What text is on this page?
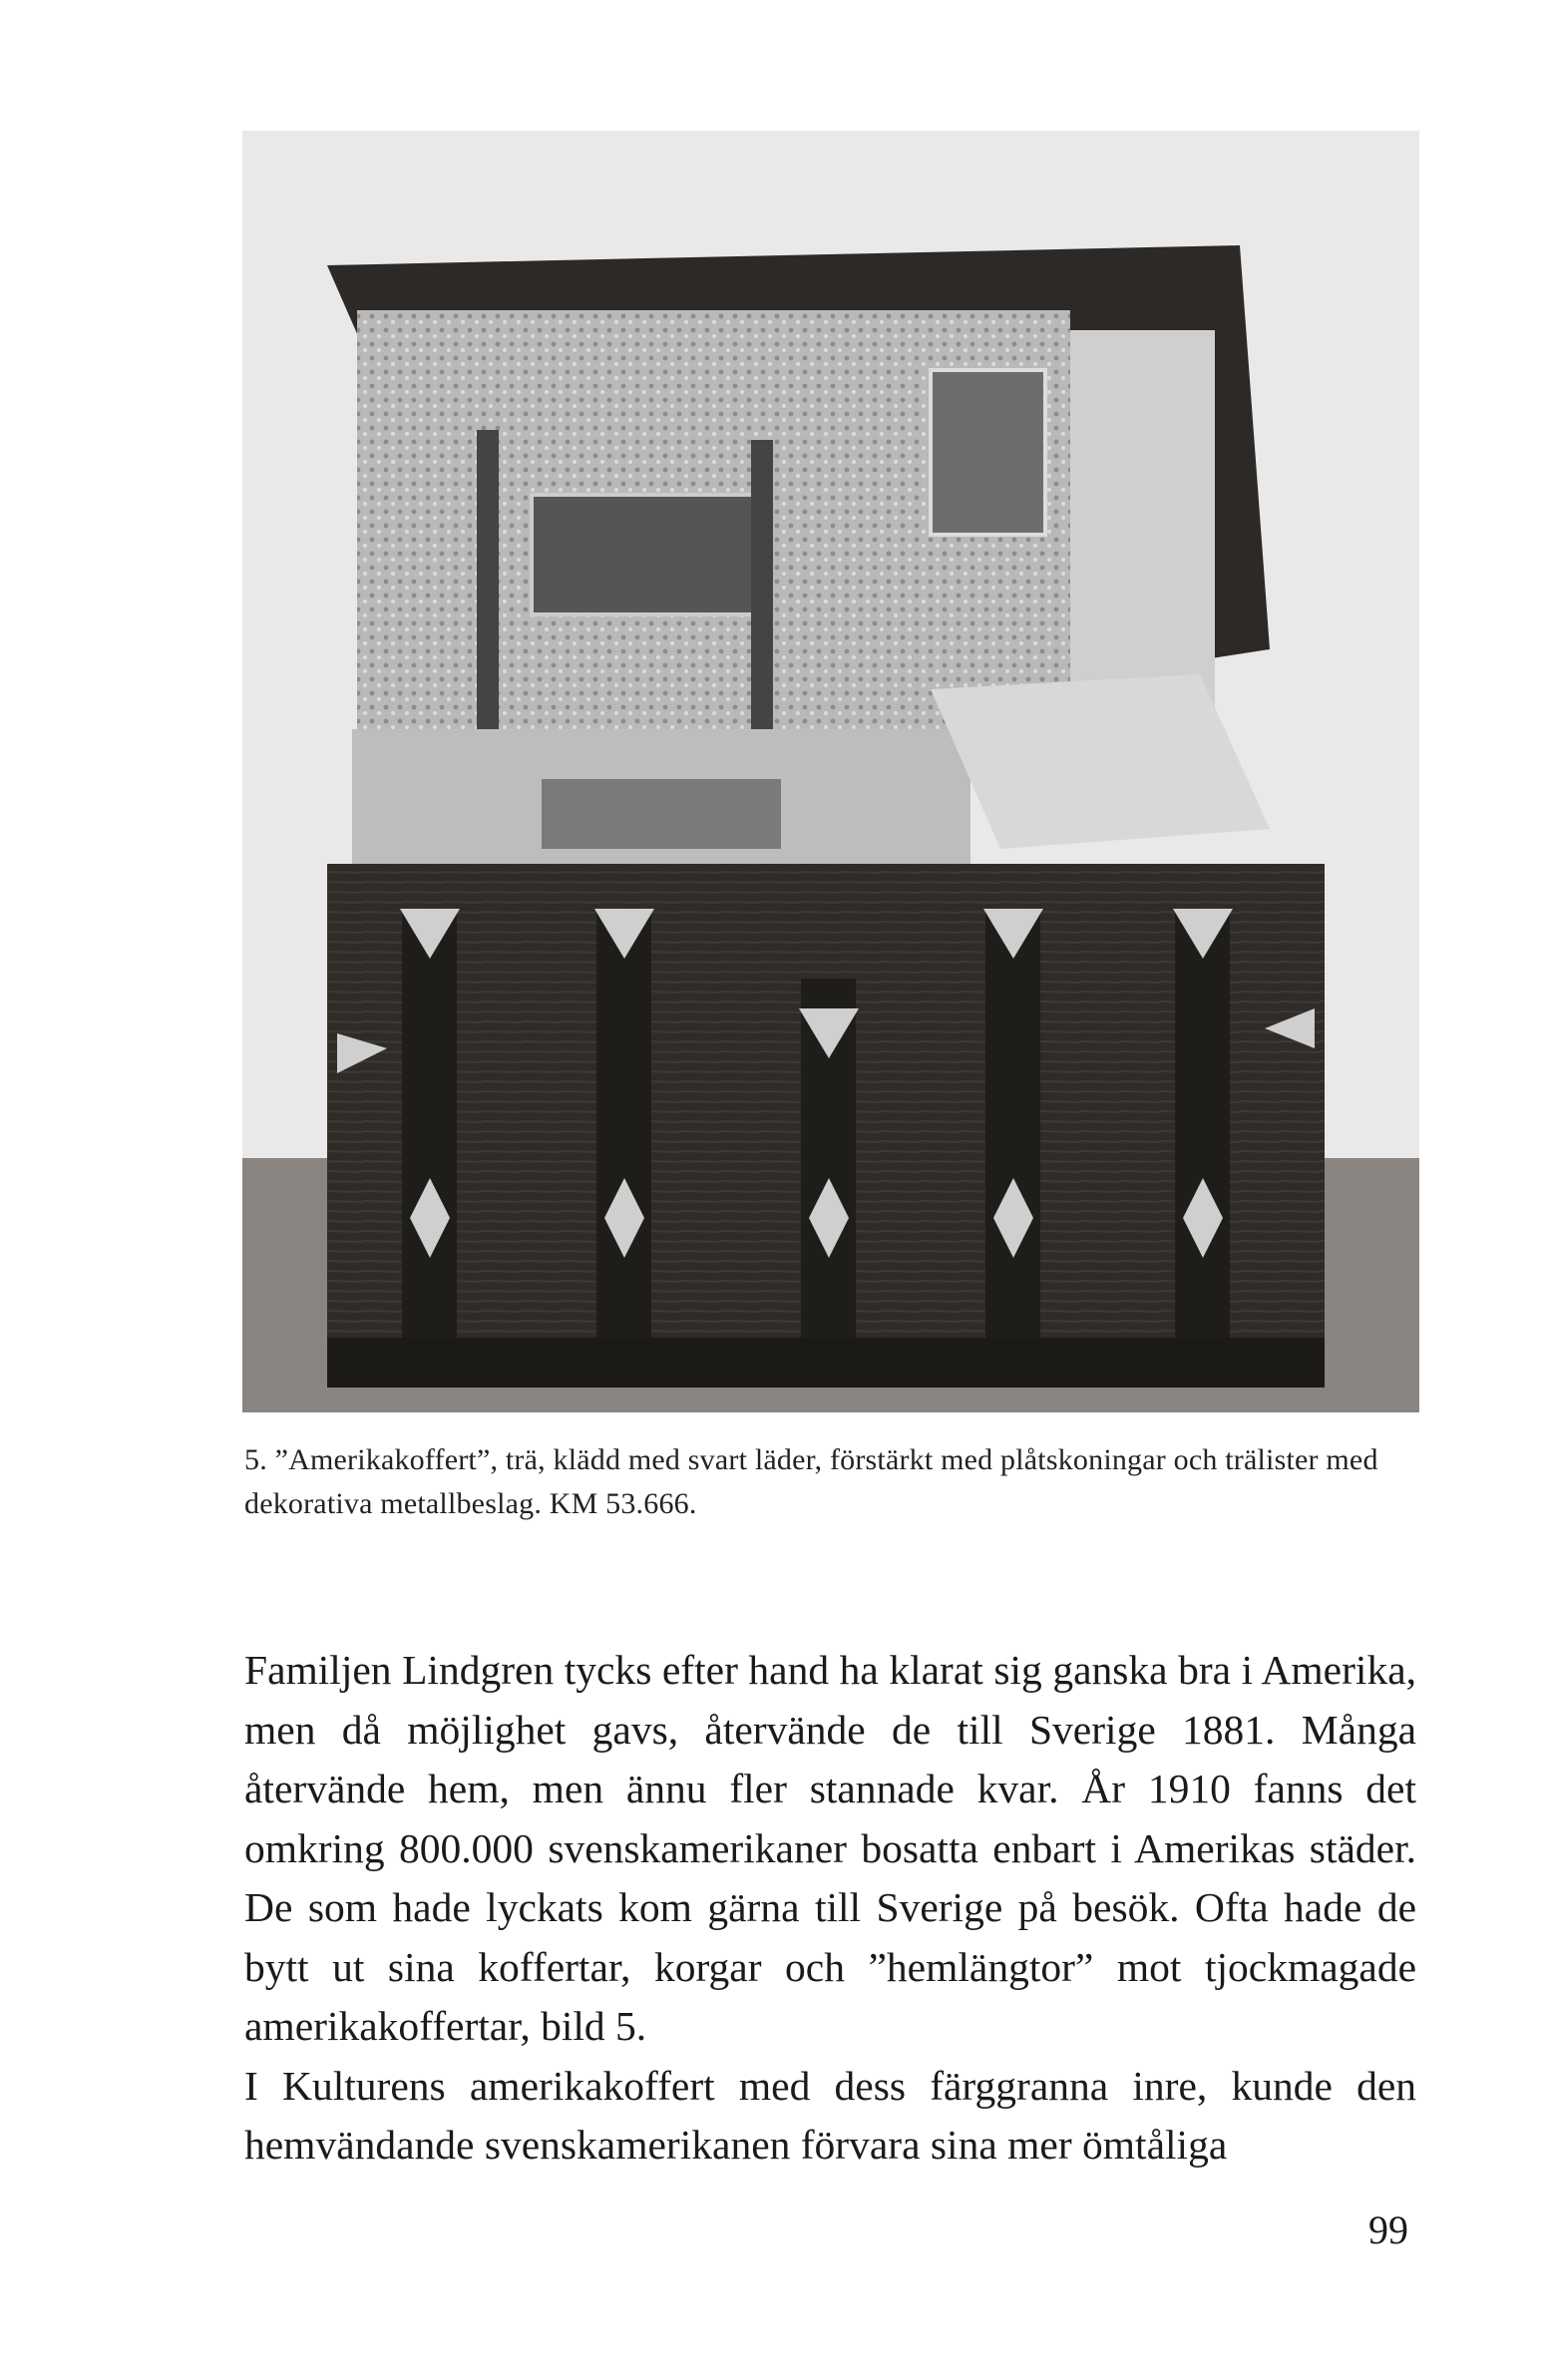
5. ”Amerikakoffert”, trä, klädd med svart läder, förstärkt med plåtskoningar och trälister med dekorativa metallbeslag. KM 53.666.

Familjen Lindgren tycks efter hand ha klarat sig ganska bra i Amerika, men då möjlighet gavs, återvände de till Sverige 1881. Många återvände hem, men ännu fler stannade kvar. År 1910 fanns det omkring 800.000 svenskamerikaner bosatta enbart i Amerikas städer. De som hade lyckats kom gärna till Sverige på besök. Ofta hade de bytt ut sina koffertar, korgar och ”hemlängtor” mot tjockmagade amerikakoffertar, bild 5.

I Kulturens amerikakoffert med dess färggranna inre, kunde den hemvändande svenskamerikanen förvara sina mer ömtåliga

99
